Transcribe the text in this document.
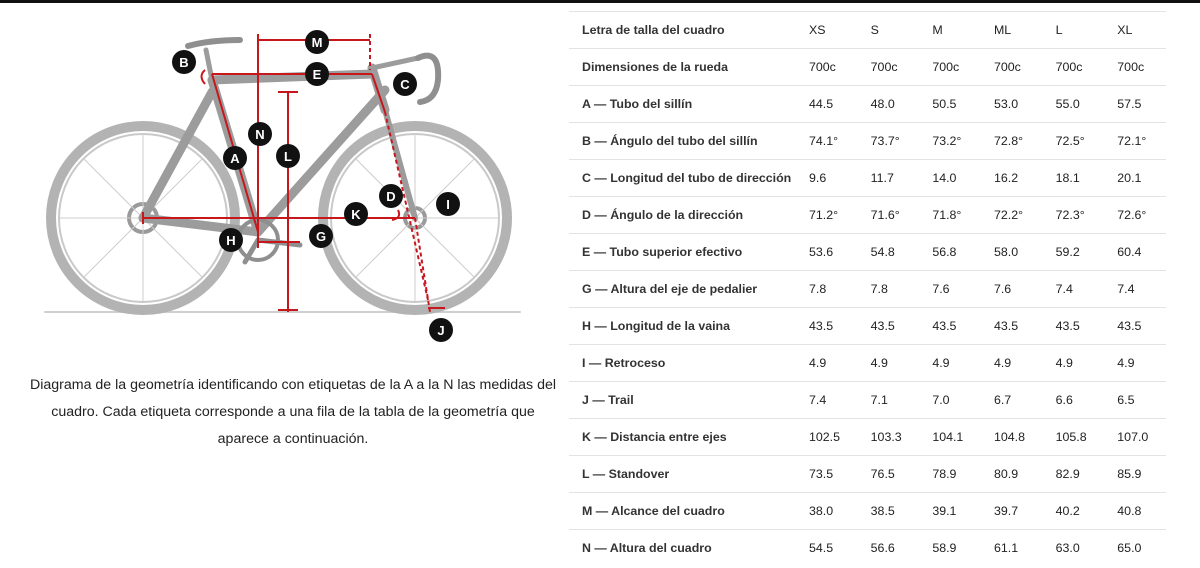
B
M
E
C
N
L
A
D
I
K
H	G
J
Diagrama de la geometría identificando con etiquetas de la A a la N las medidas del cuadro. Cada etiqueta corresponde a una fila de la tabla de la geometría que aparece a continuación.
Letra de talla del cuadro	XS	S	M	ML	L	XL
Dimensiones de la rueda	700c	700c	700c	700c	700c	700c
A — Tubo del sillín	44.5	48.0	50.5	53.0	55.0	57.5
B — Ángulo del tubo del sillín	74.1°	73.7°	73.2°	72.8°	72.5°	72.1°
C — Longitud del tubo de dirección	9.6	11.7	14.0	16.2	18.1	20.1
D — Ángulo de la dirección	71.2°	71.6°	71.8°	72.2°	72.3°	72.6°
E — Tubo superior efectivo	53.6	54.8	56.8	58.0	59.2	60.4
G — Altura del eje de pedalier	7.8	7.8	7.6	7.6	7.4	7.4
H — Longitud de la vaina	43.5	43.5	43.5	43.5	43.5	43.5
I — Retroceso	4.9	4.9	4.9	4.9	4.9	4.9
J — Trail	7.4	7.1	7.0	6.7	6.6	6.5
K — Distancia entre ejes	102.5	103.3	104.1	104.8	105.8	107.0
L — Standover	73.5	76.5	78.9	80.9	82.9	85.9
M — Alcance del cuadro	38.0	38.5	39.1	39.7	40.2	40.8
N — Altura del cuadro	54.5	56.6	58.9	61.1	63.0	65.0
